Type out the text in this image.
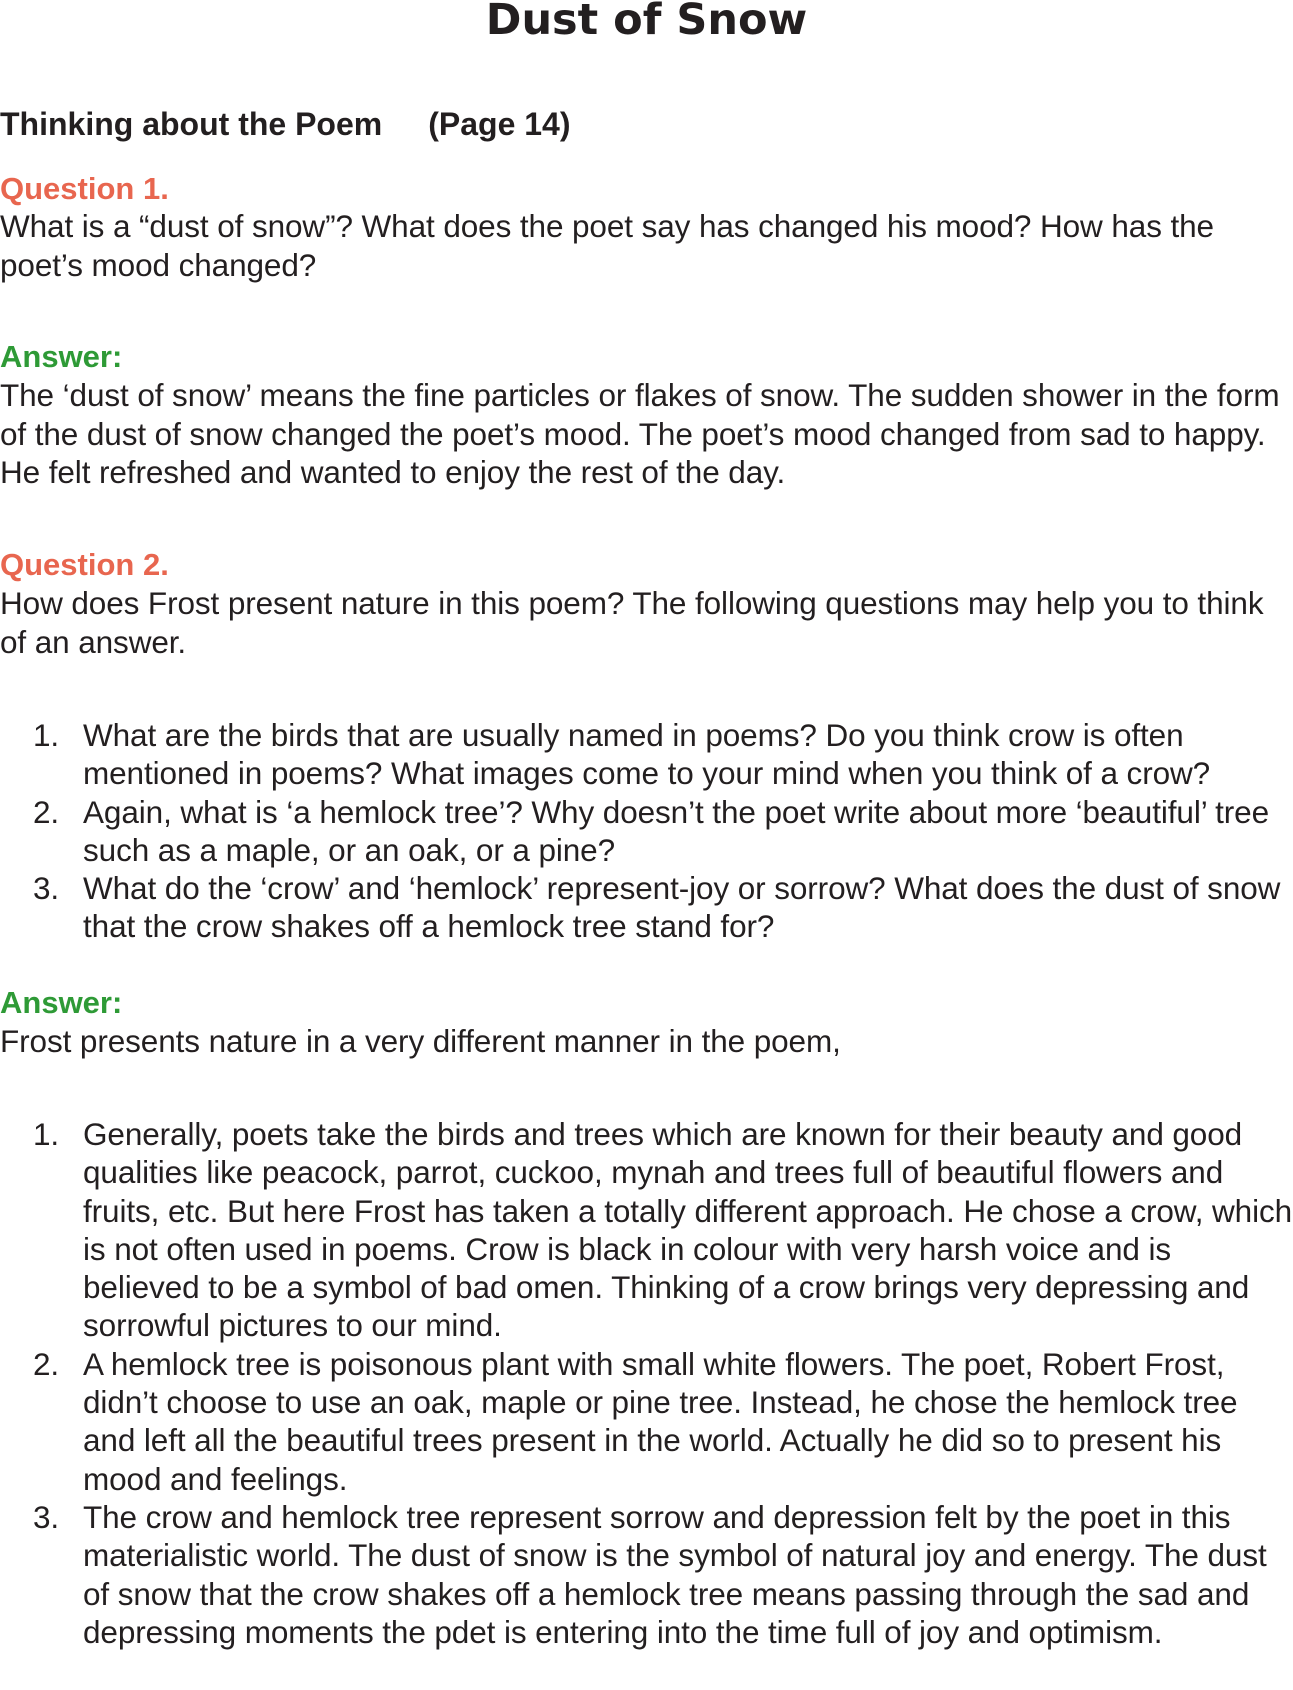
Dust of Snow
Thinking about the Poem (Page 14)
Question 1.

What is a “dust of snow”? What does the poet say has changed his mood? How has the poet’s mood changed?

Answer:

The ‘dust of snow’ means the fine particles or flakes of snow. The sudden shower in the form of the dust of snow changed the poet’s mood. The poet’s mood changed from sad to happy. He felt refreshed and wanted to enjoy the rest of the day.

Question 2.

How does Frost present nature in this poem? The following questions may help you to think of an answer.

1. What are the birds that are usually named in poems? Do you think crow is often mentioned in poems? What images come to your mind when you think of a crow?
2. Again, what is ‘a hemlock tree’? Why doesn’t the poet write about more ‘beautiful’ tree such as a maple, or an oak, or a pine?
3. What do the ‘crow’ and ‘hemlock’ represent-joy or sorrow? What does the dust of snow that the crow shakes off a hemlock tree stand for?
Answer:

Frost presents nature in a very different manner in the poem,

1. Generally, poets take the birds and trees which are known for their beauty and good qualities like peacock, parrot, cuckoo, mynah and trees full of beautiful flowers and fruits, etc. But here Frost has taken a totally different approach. He chose a crow, which is not often used in poems. Crow is black in colour with very harsh voice and is believed to be a symbol of bad omen. Thinking of a crow brings very depressing and sorrowful pictures to our mind.
2. A hemlock tree is poisonous plant with small white flowers. The poet, Robert Frost, didn’t choose to use an oak, maple or pine tree. Instead, he chose the hemlock tree and left all the beautiful trees present in the world. Actually he did so to present his mood and feelings.
3. The crow and hemlock tree represent sorrow and depression felt by the poet in this materialistic world. The dust of snow is the symbol of natural joy and energy. The dust of snow that the crow shakes off a hemlock tree means passing through the sad and depressing moments the pdet is entering into the time full of joy and optimism.
